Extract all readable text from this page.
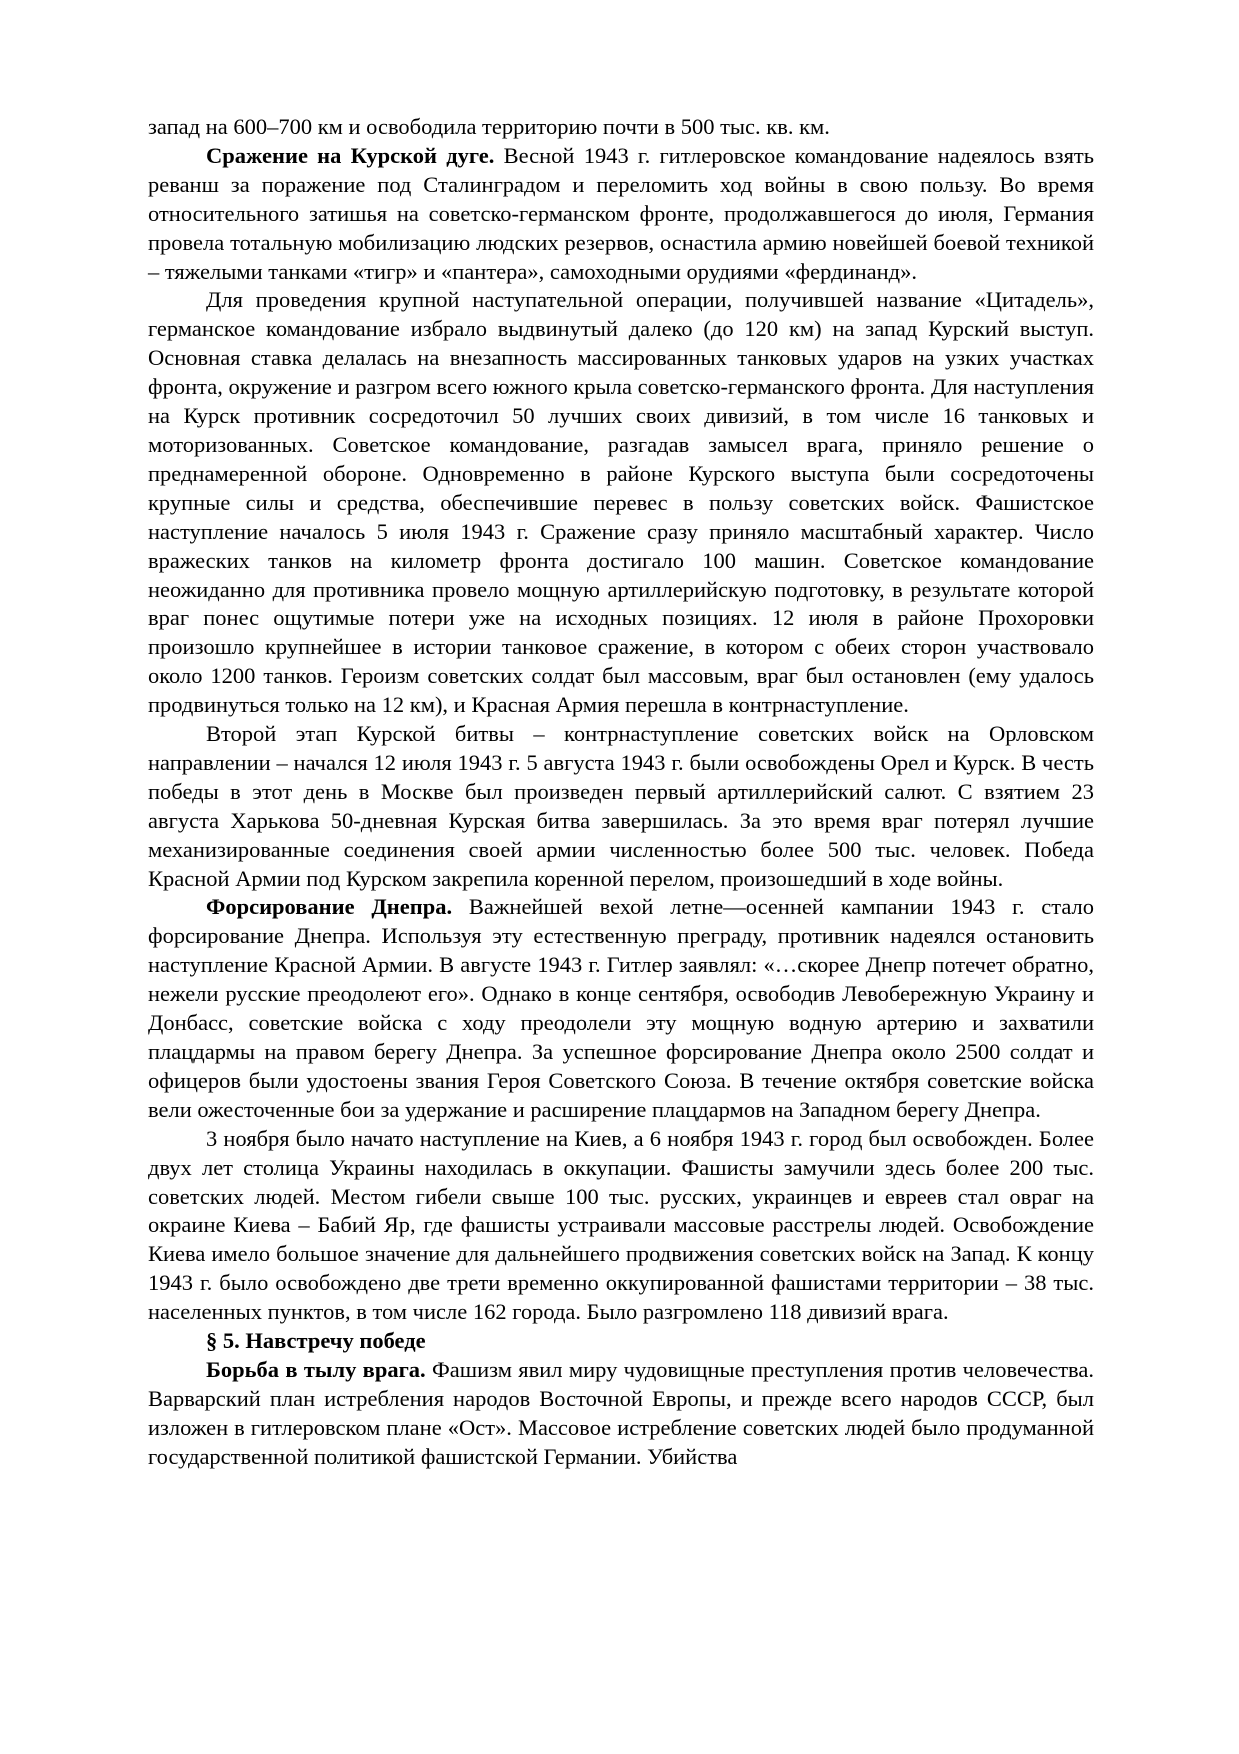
запад на 600–700 км и освободила территорию почти в 500 тыс. кв. км.

Сражение на Курской дуге. Весной 1943 г. гитлеровское командование надеялось взять реванш за поражение под Сталинградом и переломить ход войны в свою пользу. Во время относительного затишья на советско-германском фронте, продолжавшегося до июля, Германия провела тотальную мобилизацию людских резервов, оснастила армию новейшей боевой техникой – тяжелыми танками «тигр» и «пантера», самоходными орудиями «фердинанд».

Для проведения крупной наступательной операции, получившей название «Цитадель», германское командование избрало выдвинутый далеко (до 120 км) на запад Курский выступ. Основная ставка делалась на внезапность массированных танковых ударов на узких участках фронта, окружение и разгром всего южного крыла советско-германского фронта. Для наступления на Курск противник сосредоточил 50 лучших своих дивизий, в том числе 16 танковых и моторизованных. Советское командование, разгадав замысел врага, приняло решение о преднамеренной обороне. Одновременно в районе Курского выступа были сосредоточены крупные силы и средства, обеспечившие перевес в пользу советских войск. Фашистское наступление началось 5 июля 1943 г. Сражение сразу приняло масштабный характер. Число вражеских танков на километр фронта достигало 100 машин. Советское командование неожиданно для противника провело мощную артиллерийскую подготовку, в результате которой враг понес ощутимые потери уже на исходных позициях. 12 июля в районе Прохоровки произошло крупнейшее в истории танковое сражение, в котором с обеих сторон участвовало около 1200 танков. Героизм советских солдат был массовым, враг был остановлен (ему удалось продвинуться только на 12 км), и Красная Армия перешла в контрнаступление.

Второй этап Курской битвы – контрнаступление советских войск на Орловском направлении – начался 12 июля 1943 г. 5 августа 1943 г. были освобождены Орел и Курск. В честь победы в этот день в Москве был произведен первый артиллерийский салют. С взятием 23 августа Харькова 50-дневная Курская битва завершилась. За это время враг потерял лучшие механизированные соединения своей армии численностью более 500 тыс. человек. Победа Красной Армии под Курском закрепила коренной перелом, произошедший в ходе войны.

Форсирование Днепра. Важнейшей вехой летне—осенней кампании 1943 г. стало форсирование Днепра. Используя эту естественную преграду, противник надеялся остановить наступление Красной Армии. В августе 1943 г. Гитлер заявлял: «…скорее Днепр потечет обратно, нежели русские преодолеют его». Однако в конце сентября, освободив Левобережную Украину и Донбасс, советские войска с ходу преодолели эту мощную водную артерию и захватили плацдармы на правом берегу Днепра. За успешное форсирование Днепра около 2500 солдат и офицеров были удостоены звания Героя Советского Союза. В течение октября советские войска вели ожесточенные бои за удержание и расширение плацдармов на Западном берегу Днепра.

3 ноября было начато наступление на Киев, а 6 ноября 1943 г. город был освобожден. Более двух лет столица Украины находилась в оккупации. Фашисты замучили здесь более 200 тыс. советских людей. Местом гибели свыше 100 тыс. русских, украинцев и евреев стал овраг на окраине Киева – Бабий Яр, где фашисты устраивали массовые расстрелы людей. Освобождение Киева имело большое значение для дальнейшего продвижения советских войск на Запад. К концу 1943 г. было освобождено две трети временно оккупированной фашистами территории – 38 тыс. населенных пунктов, в том числе 162 города. Было разгромлено 118 дивизий врага.

§ 5. Навстречу победе

Борьба в тылу врага. Фашизм явил миру чудовищные преступления против человечества. Варварский план истребления народов Восточной Европы, и прежде всего народов СССР, был изложен в гитлеровском плане «Ост». Массовое истребление советских людей было продуманной государственной политикой фашистской Германии. Убийства
